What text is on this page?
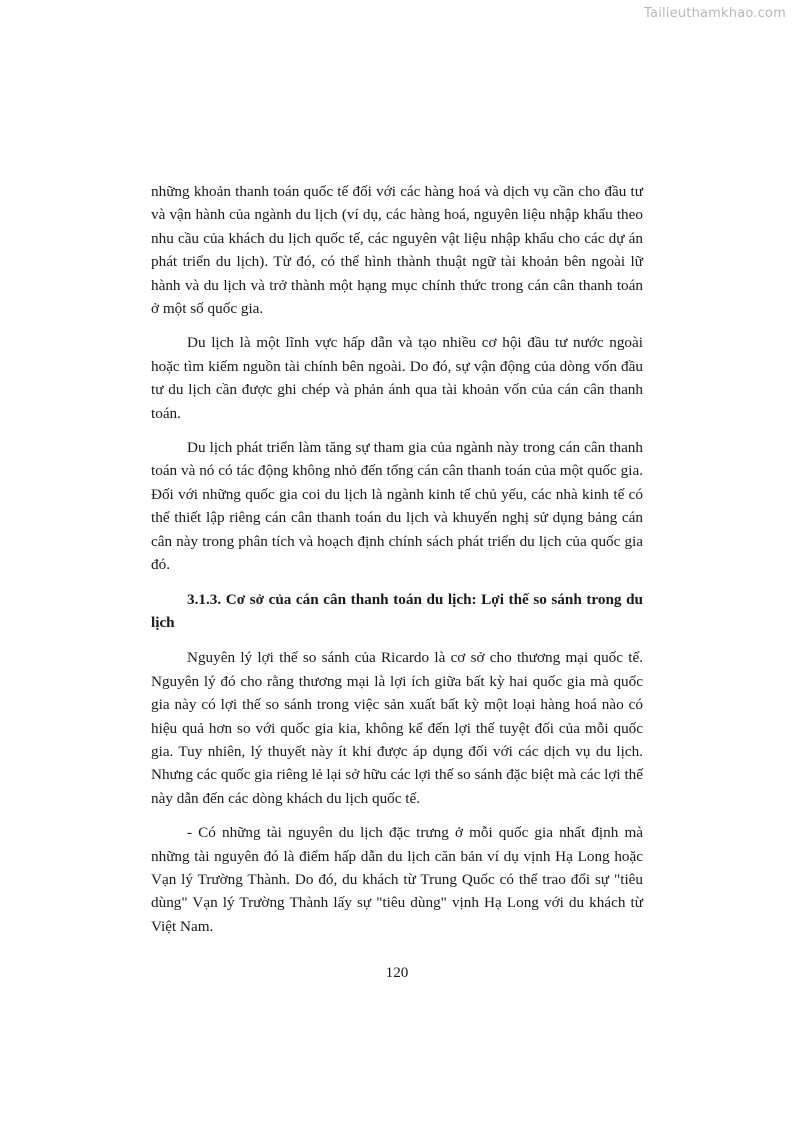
Tailieuthamkhao.com

những khoản thanh toán quốc tế đối với các hàng hoá và dịch vụ cần cho đầu tư và vận hành của ngành du lịch (ví dụ, các hàng hoá, nguyên liệu nhập khẩu theo nhu cầu của khách du lịch quốc tế, các nguyên vật liệu nhập khẩu cho các dự án phát triển du lịch). Từ đó, có thể hình thành thuật ngữ tài khoản bên ngoài lữ hành và du lịch và trở thành một hạng mục chính thức trong cán cân thanh toán ở một số quốc gia.

Du lịch là một lĩnh vực hấp dẫn và tạo nhiều cơ hội đầu tư nước ngoài hoặc tìm kiếm nguồn tài chính bên ngoài. Do đó, sự vận động của dòng vốn đầu tư du lịch cần được ghi chép và phản ánh qua tài khoản vốn của cán cân thanh toán.

Du lịch phát triển làm tăng sự tham gia của ngành này trong cán cân thanh toán và nó có tác động không nhỏ đến tổng cán cân thanh toán của một quốc gia. Đối với những quốc gia coi du lịch là ngành kinh tế chủ yếu, các nhà kinh tế có thể thiết lập riêng cán cân thanh toán du lịch và khuyến nghị sử dụng bảng cán cân này trong phân tích và hoạch định chính sách phát triển du lịch của quốc gia đó.

3.1.3. Cơ sở của cán cân thanh toán du lịch: Lợi thế so sánh trong du lịch

Nguyên lý lợi thế so sánh của Ricardo là cơ sở cho thương mại quốc tế. Nguyên lý đó cho rằng thương mại là lợi ích giữa bất kỳ hai quốc gia mà quốc gia này có lợi thế so sánh trong việc sản xuất bất kỳ một loại hàng hoá nào có hiệu quả hơn so với quốc gia kia, không kể đến lợi thế tuyệt đối của mỗi quốc gia. Tuy nhiên, lý thuyết này ít khi được áp dụng đối với các dịch vụ du lịch. Nhưng các quốc gia riêng lẻ lại sở hữu các lợi thế so sánh đặc biệt mà các lợi thế này dẫn đến các dòng khách du lịch quốc tế.

- Có những tài nguyên du lịch đặc trưng ở mỗi quốc gia nhất định mà những tài nguyên đó là điểm hấp dẫn du lịch căn bản ví dụ vịnh Hạ Long hoặc Vạn lý Trường Thành. Do đó, du khách từ Trung Quốc có thể trao đổi sự "tiêu dùng" Vạn lý Trường Thành lấy sự "tiêu dùng" vịnh Hạ Long với du khách từ Việt Nam.

120
